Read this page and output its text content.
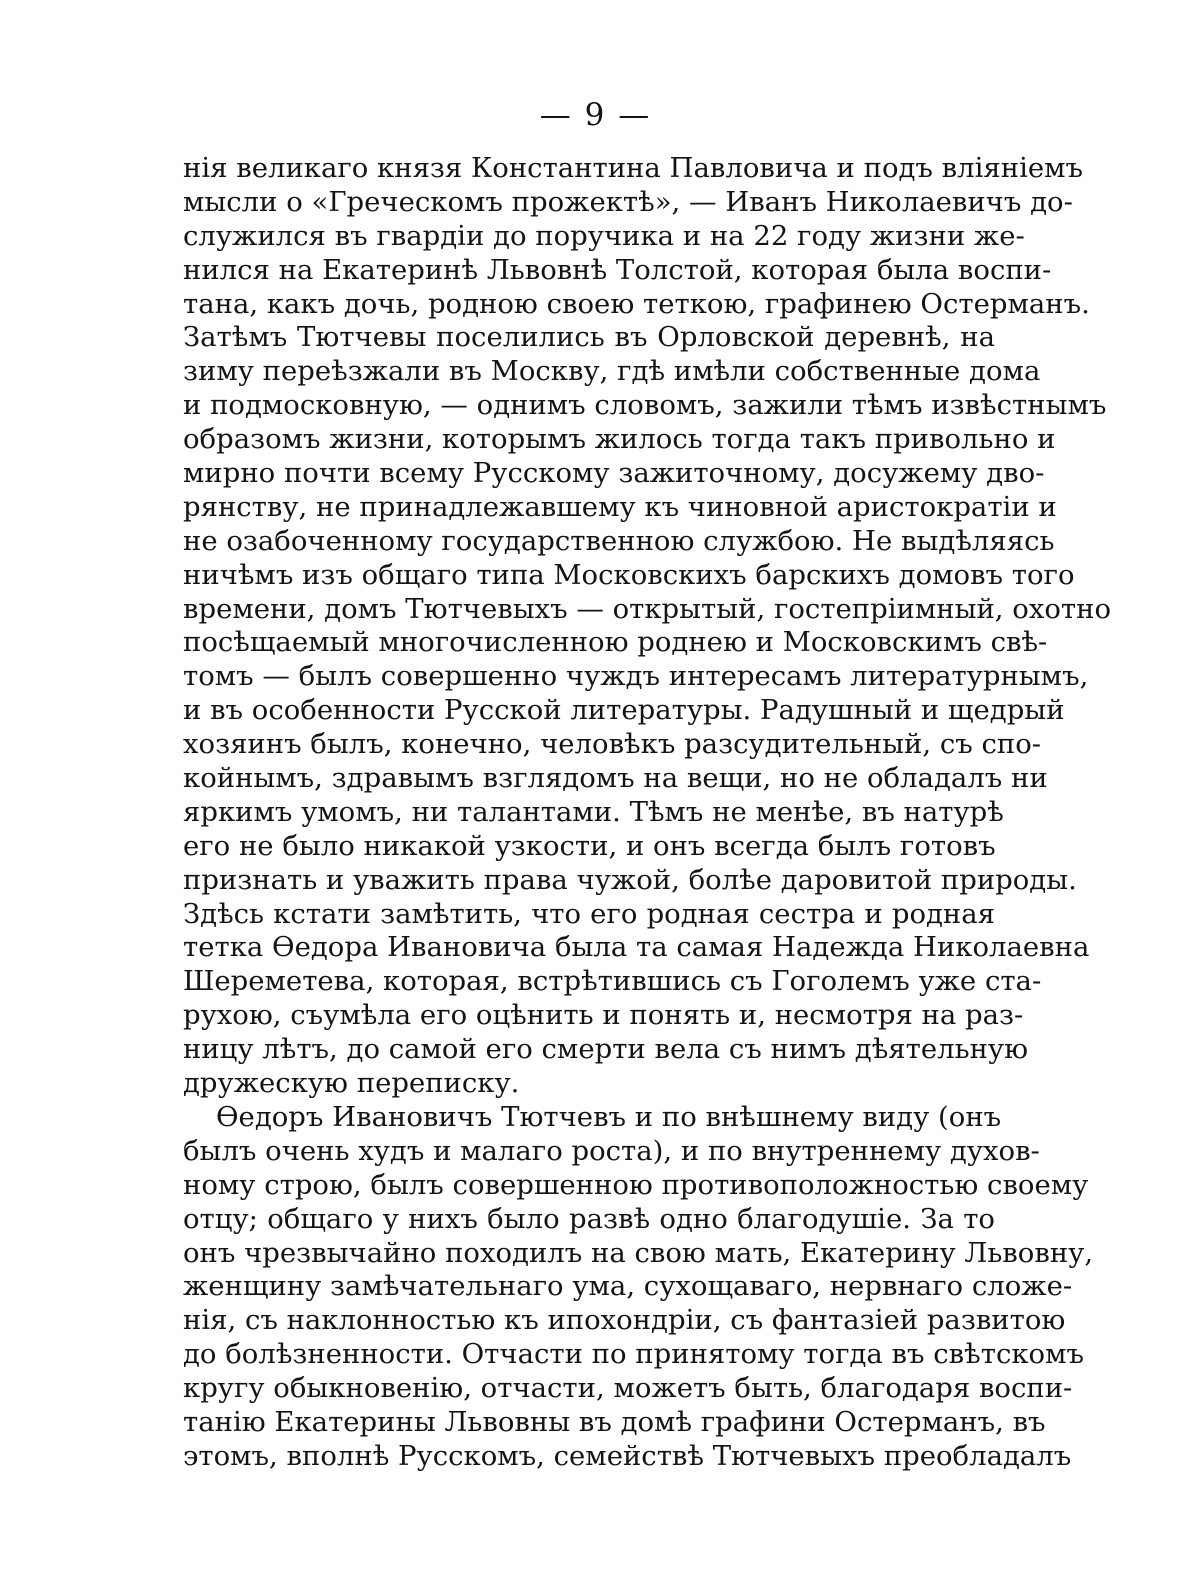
— 9 —
нія великаго князя Константина Павловича и подъ вліяніемъ
мысли о «Греческомъ прожектѣ», — Иванъ Николаевичъ до-
служился въ гвардіи до поручика и на 22 году жизни же-
нился на Екатеринѣ Львовнѣ Толстой, которая была воспи-
тана, какъ дочь, родною своею теткою, графинею Остерманъ.
Затѣмъ Тютчевы поселились въ Орловской деревнѣ, на
зиму переѣзжали въ Москву, гдѣ имѣли собственные дома
и подмосковную, — однимъ словомъ, зажили тѣмъ извѣстнымъ
образомъ жизни, которымъ жилось тогда такъ привольно и
мирно почти всему Русскому зажиточному, досужему дво-
рянству, не принадлежавшему къ чиновной аристократіи и
не озабоченному государственною службою. Не выдѣляясь
ничѣмъ изъ общаго типа Московскихъ барскихъ домовъ того
времени, домъ Тютчевыхъ — открытый, гостепріимный, охотно
посѣщаемый многочисленною роднею и Московскимъ свѣ-
томъ — былъ совершенно чуждъ интересамъ литературнымъ,
и въ особенности Русской литературы. Радушный и щедрый
хозяинъ былъ, конечно, человѣкъ разсудительный, съ спо-
койнымъ, здравымъ взглядомъ на вещи, но не обладалъ ни
яркимъ умомъ, ни талантами. Тѣмъ не менѣе, въ натурѣ
его не было никакой узкости, и онъ всегда былъ готовъ
признать и уважить права чужой, болѣе даровитой природы.
Здѣсь кстати замѣтить, что его родная сестра и родная
тетка Өедора Ивановича была та самая Надежда Николаевна
Шереметева, которая, встрѣтившись съ Гоголемъ уже ста-
рухою, съумѣла его оцѣнить и понять и, несмотря на раз-
ницу лѣтъ, до самой его смерти вела съ нимъ дѣятельную
дружескую переписку.
Өедоръ Ивановичъ Тютчевъ и по внѣшнему виду (онъ
былъ очень худъ и малаго роста), и по внутреннему духов-
ному строю, былъ совершенною противоположностью своему
отцу; общаго у нихъ было развѣ одно благодушіе. За то
онъ чрезвычайно походилъ на свою мать, Екатерину Львовну,
женщину замѣчательнаго ума, сухощаваго, нервнаго сложе-
нія, съ наклонностью къ ипохондріи, съ фантазіей развитою
до болѣзненности. Отчасти по принятому тогда въ свѣтскомъ
кругу обыкновенію, отчасти, можетъ быть, благодаря воспи-
танію Екатерины Львовны въ домѣ графини Остерманъ, въ
этомъ, вполнѣ Русскомъ, семействѣ Тютчевыхъ преобладалъ
